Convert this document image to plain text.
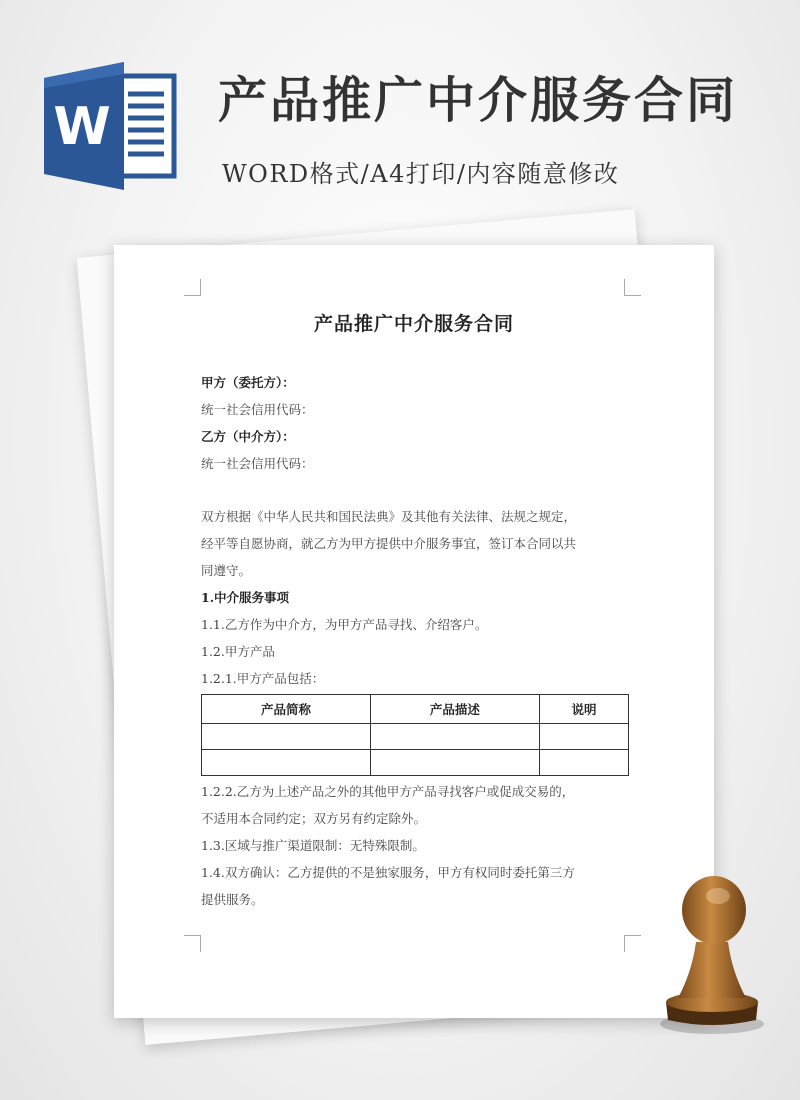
W 产品推广中介服务合同
WORD格式/A4打印/内容随意修改
产品推广中介服务合同
甲方（委托方）：
统一社会信用代码：
乙方（中介方）：
统一社会信用代码：
双方根据《中华人民共和国民法典》及其他有关法律、法规之规定，
经平等自愿协商，就乙方为甲方提供中介服务事宜，签订本合同以共
同遵守。
1.中介服务事项
1.1.乙方作为中介方，为甲方产品寻找、介绍客户。
1.2.甲方产品
1.2.1.甲方产品包括：
产品简称	产品描述	说明

1.2.2.乙方为上述产品之外的其他甲方产品寻找客户或促成交易的，
不适用本合同约定；双方另有约定除外。
1.3.区域与推广渠道限制：无特殊限制。
1.4.双方确认：乙方提供的不是独家服务，甲方有权同时委托第三方
提供服务。
